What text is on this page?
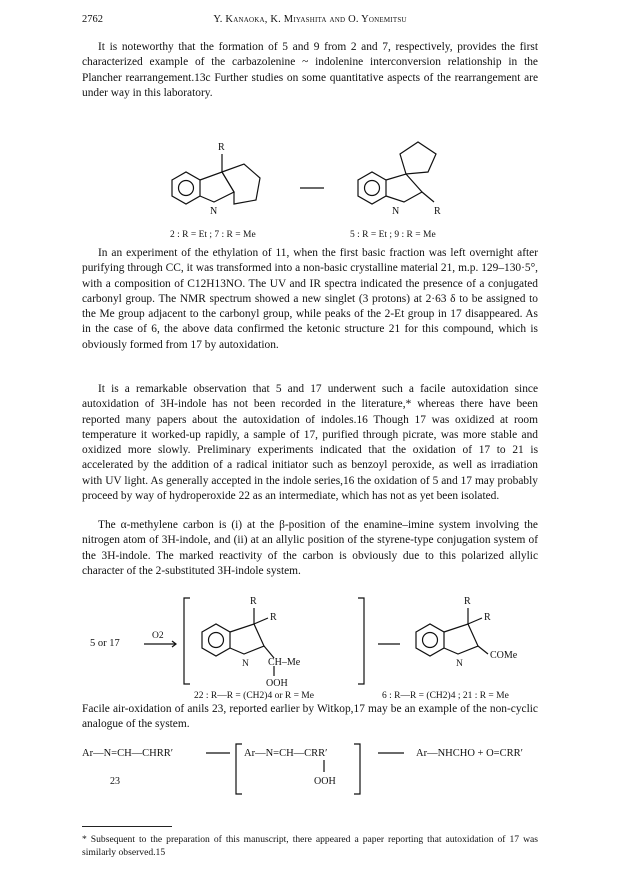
2762	Y. Kanaoka, K. Miyashita and O. Yonemitsu

It is noteworthy that the formation of 5 and 9 from 2 and 7, respectively, provides the first characterized example of the carbazolenine ~ indolenine interconversion relationship in the Plancher rearrangement.13c Further studies on some quantitative aspects of the rearrangement are under way in this laboratory.

R
N	N	R
2 : R = Et ; 7 : R = Me	5 : R = Et ; 9 : R = Me

In an experiment of the ethylation of 11, when the first basic fraction was left overnight after purifying through CC, it was transformed into a non-basic crystalline material 21, m.p. 129–130·5°, with a composition of C12H13NO. The UV and IR spectra indicated the presence of a conjugated carbonyl group. The NMR spectrum showed a new singlet (3 protons) at 2·63 δ to be assigned to the Me group adjacent to the carbonyl group, while peaks of the 2-Et group in 17 disappeared. As in the case of 6, the above data confirmed the ketonic structure 21 for this compound, which is obviously formed from 17 by autoxidation.

It is a remarkable observation that 5 and 17 underwent such a facile autoxidation since autoxidation of 3H-indole has not been recorded in the literature,* whereas there have been reported many papers about the autoxidation of indoles.16 Though 17 was oxidized at room temperature it worked-up rapidly, a sample of 17, purified through picrate, was more stable and oxidized more slowly. Preliminary experiments indicated that the oxidation of 17 to 21 is accelerated by the addition of a radical initiator such as benzoyl peroxide, as well as irradiation with UV light. As generally accepted in the indole series,16 the oxidation of 5 and 17 may probably proceed by way of hydroperoxide 22 as an intermediate, which has not as yet been isolated.

The α-methylene carbon is (i) at the β-position of the enamine–imine system involving the nitrogen atom of 3H-indole, and (ii) at an allylic position of the styrene-type conjugation system of the 3H-indole. The marked reactivity of the carbon is obviously due to this polarized allylic character of the 2-substituted 3H-indole system.

5 or 17
O2
R
R
N CH–Me
OOH
R
R
N
COMe
22 : R—R = (CH2)4 or R = Me	6 : R—R = (CH2)4 ; 21 : R = Me

Facile air-oxidation of anils 23, reported earlier by Witkop,17 may be an example of the non-cyclic analogue of the system.

Ar—N=CH—CHRR′
23
Ar—N=CH—CRR′
OOH
Ar—NHCHO + O=CRR′

* Subsequent to the preparation of this manuscript, there appeared a paper reporting that autoxidation of 17 was similarly observed.15
